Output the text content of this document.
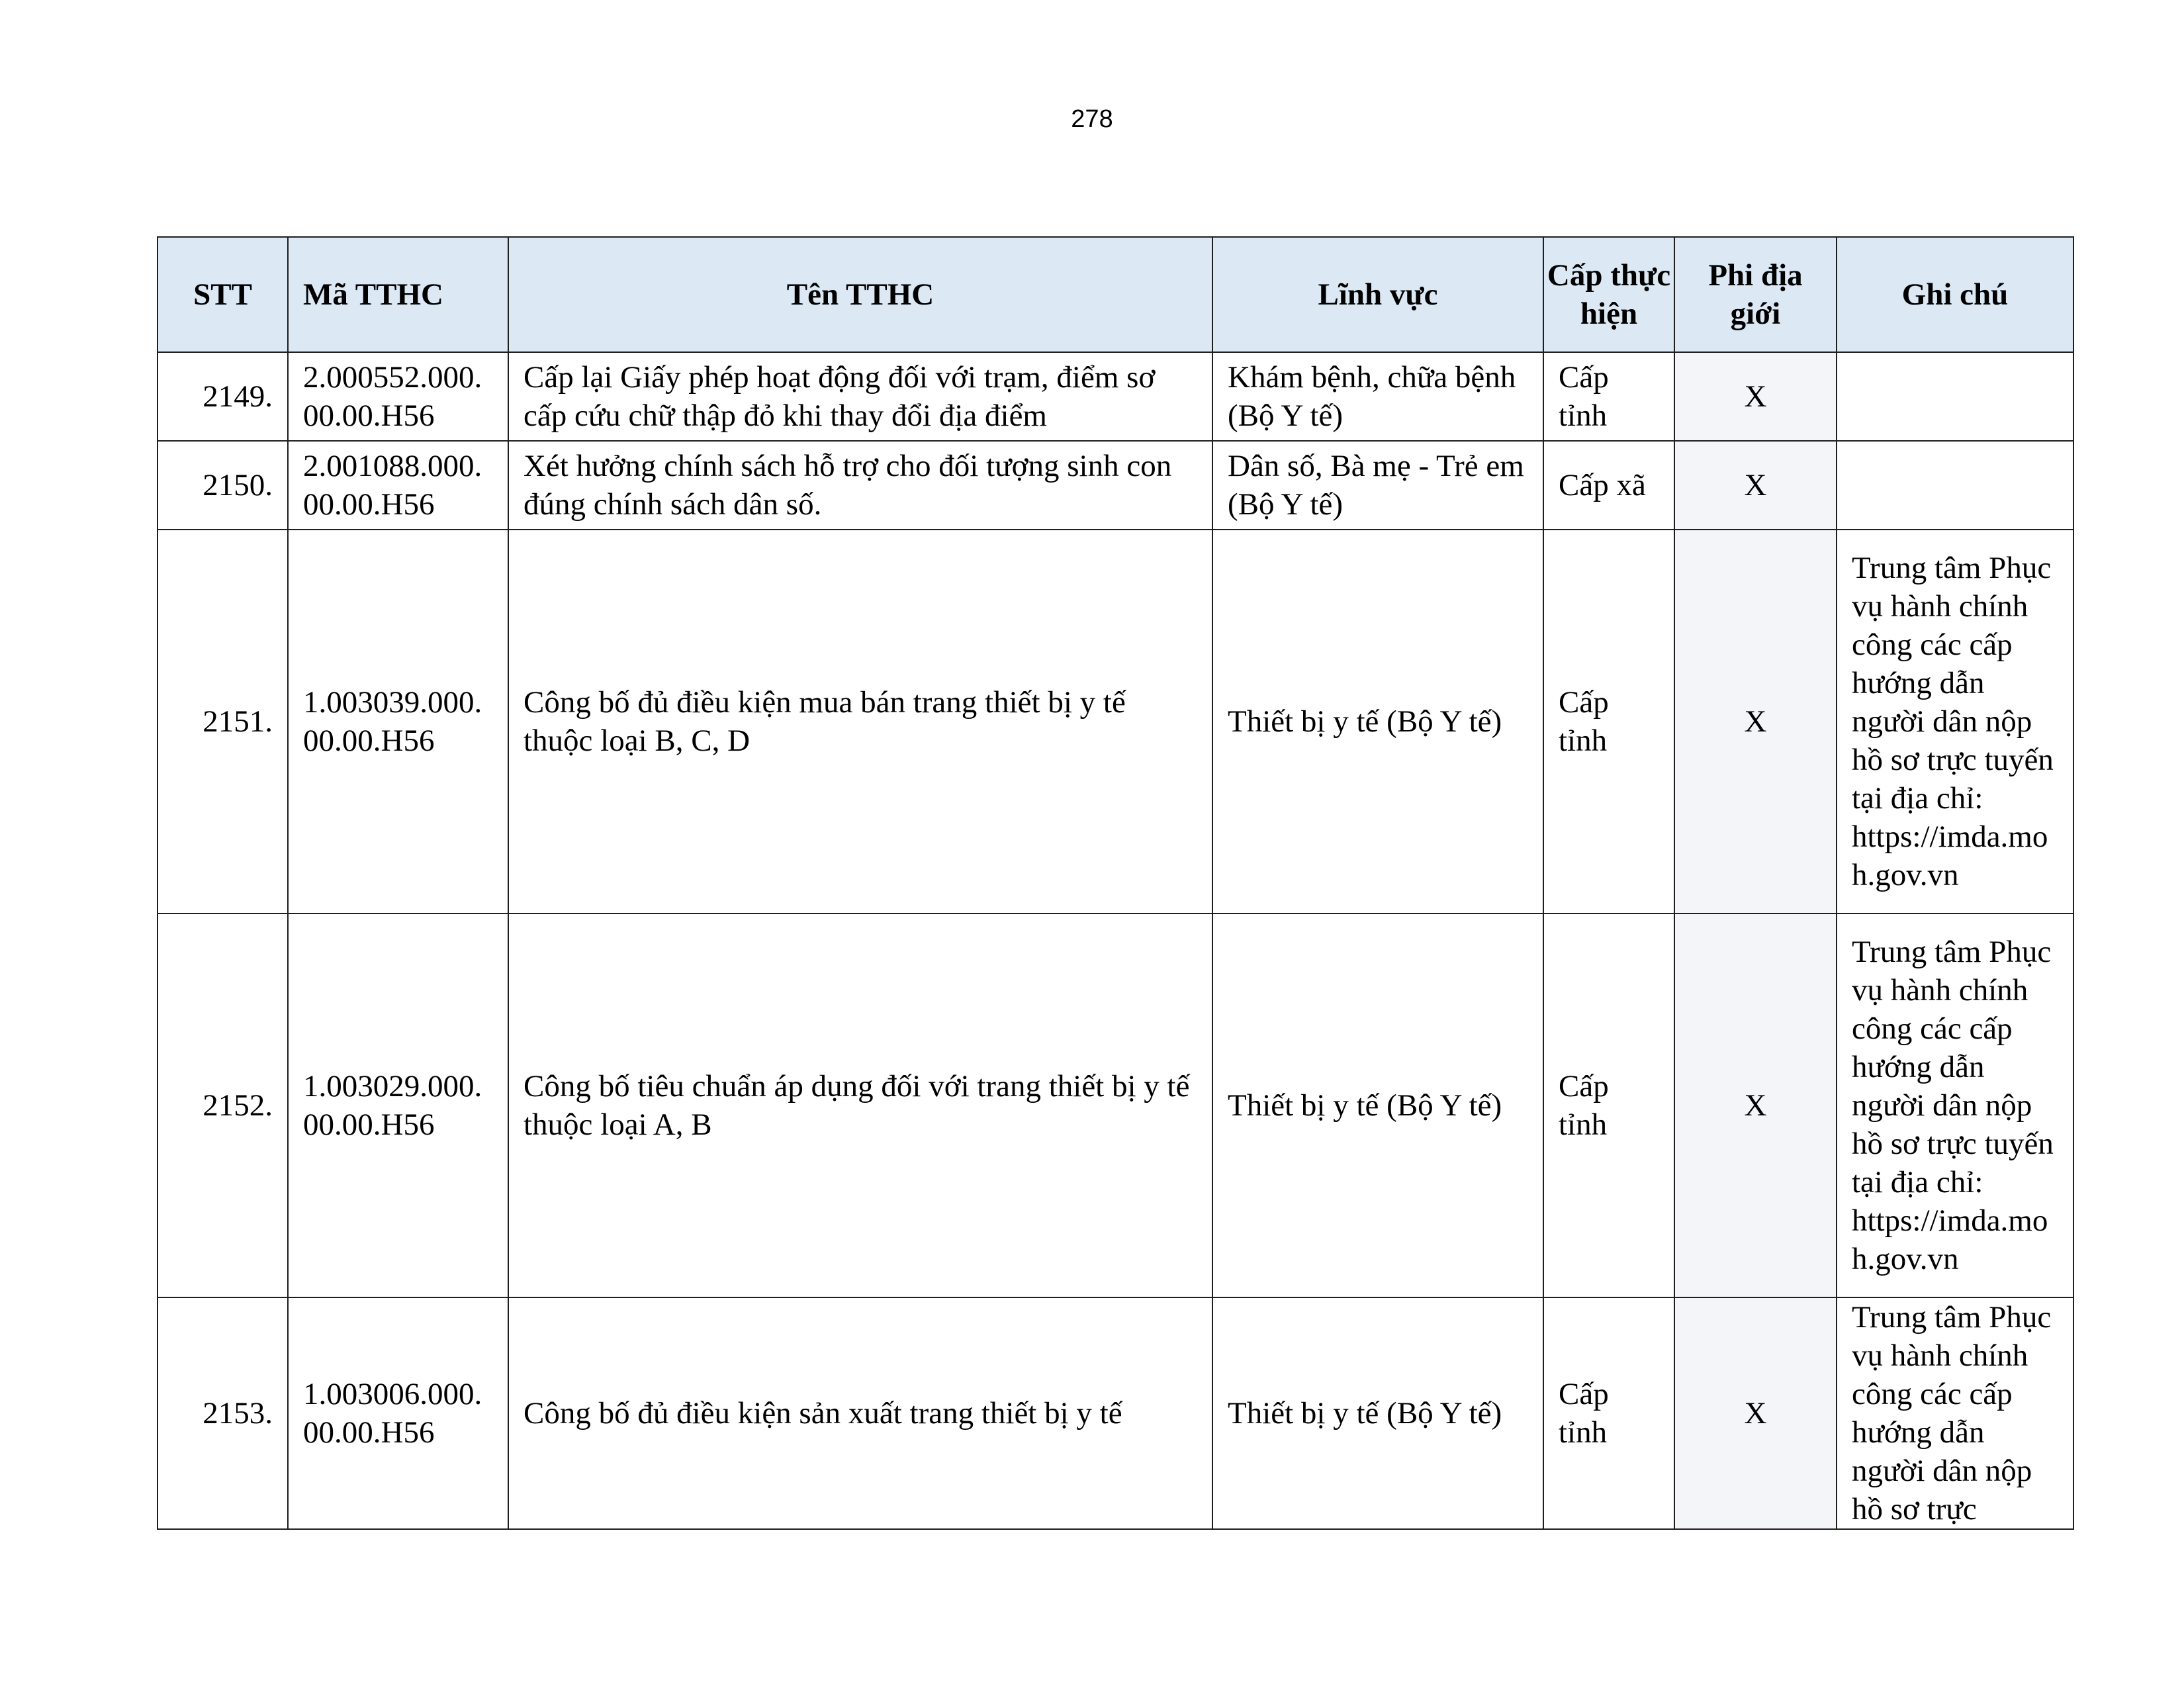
278
STT	Mã TTHC	Tên TTHC	Lĩnh vực	Cấp thực hiện	Phi địa giới	Ghi chú
2149.	2.000552.000.00.00.H56	Cấp lại Giấy phép hoạt động đối với trạm, điểm sơ cấp cứu chữ thập đỏ khi thay đổi địa điểm	Khám bệnh, chữa bệnh (Bộ Y tế)	Cấp tỉnh	X	
2150.	2.001088.000.00.00.H56	Xét hưởng chính sách hỗ trợ cho đối tượng sinh con đúng chính sách dân số.	Dân số, Bà mẹ - Trẻ em (Bộ Y tế)	Cấp xã	X	
2151.	1.003039.000.00.00.H56	Công bố đủ điều kiện mua bán trang thiết bị y tế thuộc loại B, C, D	Thiết bị y tế (Bộ Y tế)	Cấp tỉnh	X	Trung tâm Phục vụ hành chính công các cấp hướng dẫn người dân nộp hồ sơ trực tuyến tại địa chỉ: https://imda.moh.gov.vn
2152.	1.003029.000.00.00.H56	Công bố tiêu chuẩn áp dụng đối với trang thiết bị y tế thuộc loại A, B	Thiết bị y tế (Bộ Y tế)	Cấp tỉnh	X	Trung tâm Phục vụ hành chính công các cấp hướng dẫn người dân nộp hồ sơ trực tuyến tại địa chỉ: https://imda.moh.gov.vn
2153.	1.003006.000.00.00.H56	Công bố đủ điều kiện sản xuất trang thiết bị y tế	Thiết bị y tế (Bộ Y tế)	Cấp tỉnh	X	Trung tâm Phục vụ hành chính công các cấp hướng dẫn người dân nộp hồ sơ trực
